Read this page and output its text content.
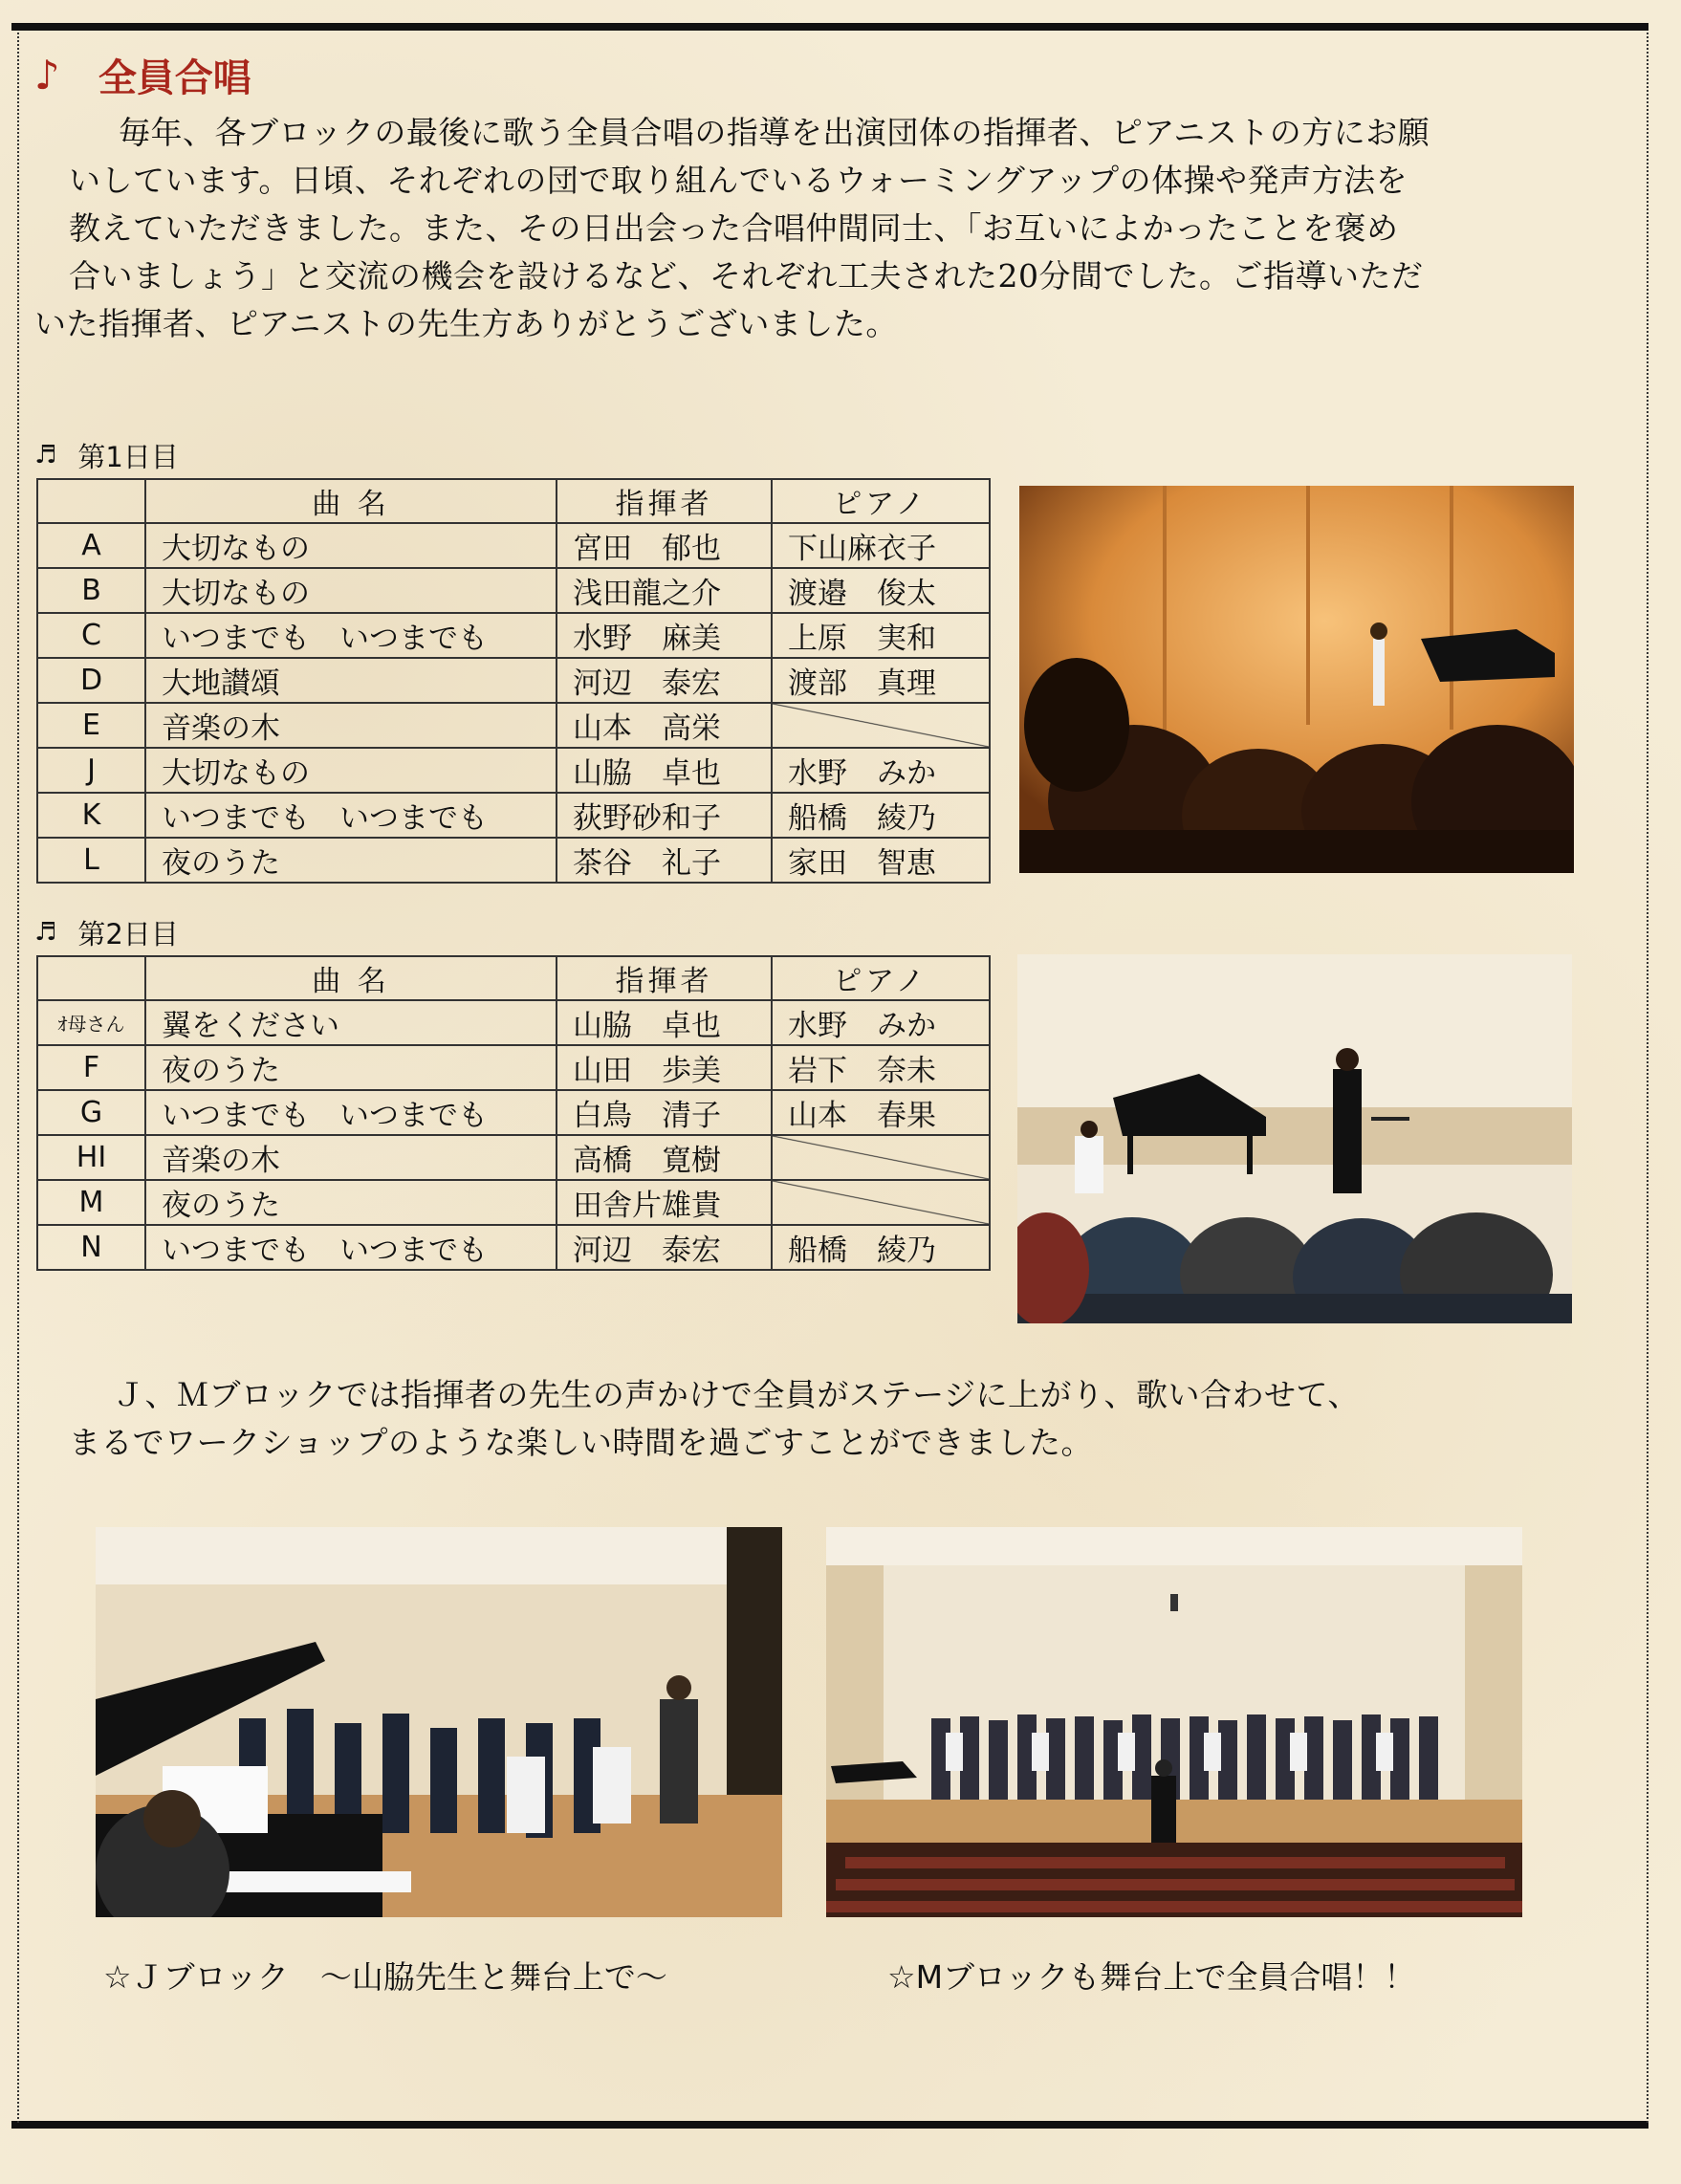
♪ 全員合唱
毎年、各ブロックの最後に歌う全員合唱の指導を出演団体の指揮者、ピアニストの方にお願
いしています。日頃、それぞれの団で取り組んでいるウォーミングアップの体操や発声方法を
教えていただきました。また、その日出会った合唱仲間同士、「お互いによかったことを褒め
合いましょう」と交流の機会を設けるなど、それぞれ工夫された20分間でした。ご指導いただ
いた指揮者、ピアニストの先生方ありがとうございました。
♬ 第1日目
	曲 名	指揮者	ピアノ
A	大切なもの	宮田　郁也	下山麻衣子
B	大切なもの	浅田龍之介	渡邉　俊太
C	いつまでも　いつまでも	水野　麻美	上原　実和
D	大地讃頌	河辺　泰宏	渡部　真理
E	音楽の木	山本　高栄	
J	大切なもの	山脇　卓也	水野　みか
K	いつまでも　いつまでも	荻野砂和子	船橋　綾乃
L	夜のうた	茶谷　礼子	家田　智恵
♬ 第2日目
	曲 名	指揮者	ピアノ
ｵ母さん	翼をください	山脇　卓也	水野　みか
F	夜のうた	山田　歩美	岩下　奈未
G	いつまでも　いつまでも	白鳥　清子	山本　春果
HI	音楽の木	高橋　寛樹	
M	夜のうた	田舎片雄貴	
N	いつまでも　いつまでも	河辺　泰宏	船橋　綾乃
Ｊ、Ｍブロックでは指揮者の先生の声かけで全員がステージに上がり、歌い合わせて、
まるでワークショップのような楽しい時間を過ごすことができました。
☆Ｊブロック　～山脇先生と舞台上で～	☆Mブロックも舞台上で全員合唱！！
